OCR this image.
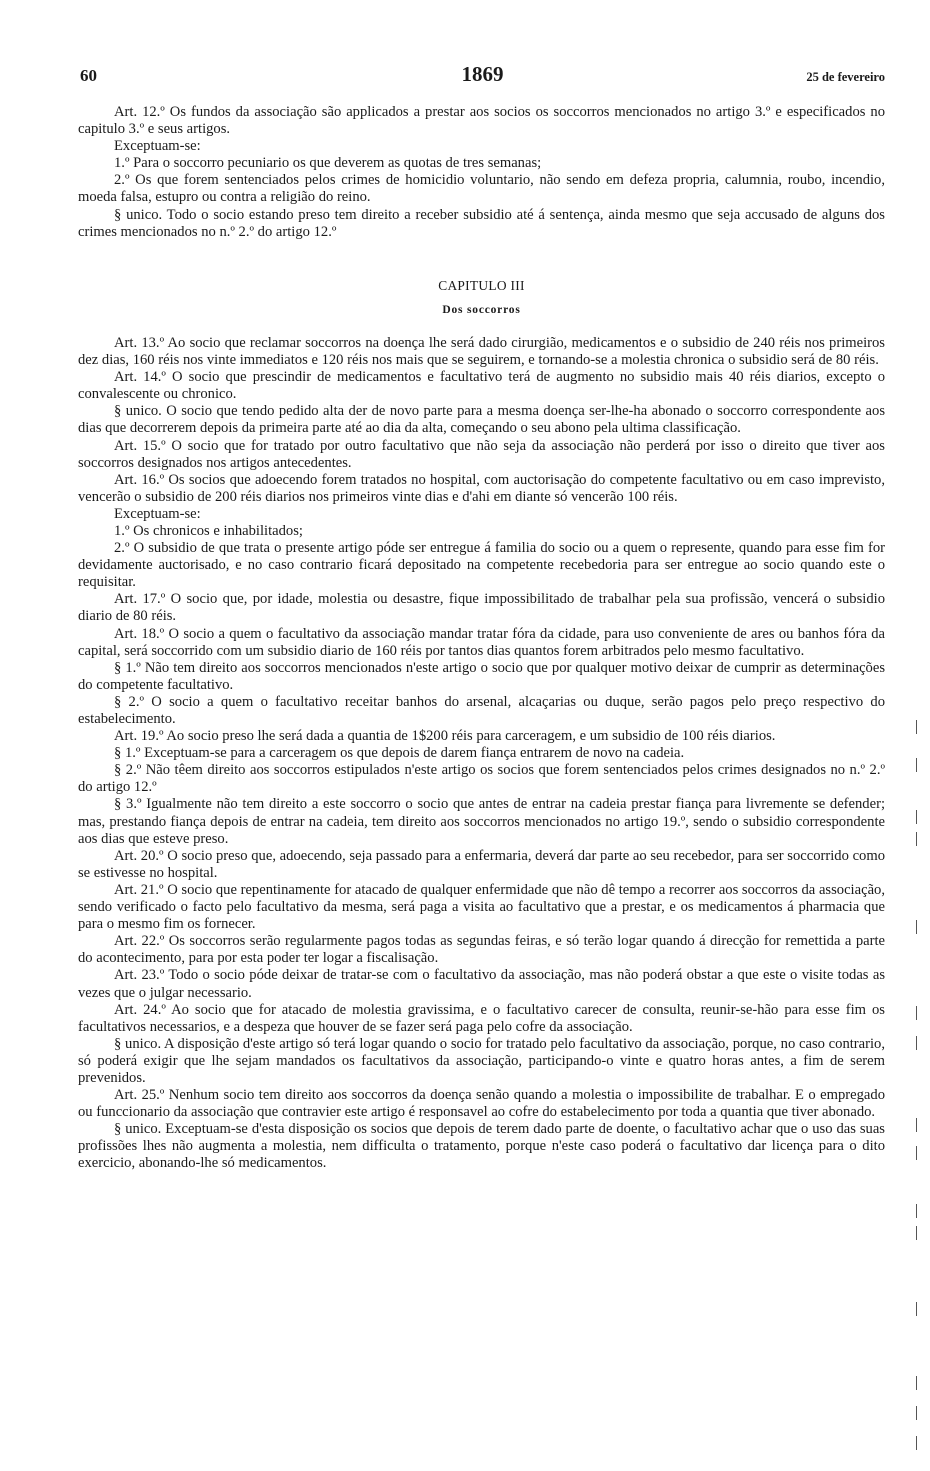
60	1869	25 de fevereiro

Art. 12.º Os fundos da associação são applicados a prestar aos socios os soccorros mencionados no artigo 3.º e especificados no capitulo 3.º e seus artigos.

Exceptuam-se:

1.º Para o soccorro pecuniario os que deverem as quotas de tres semanas;

2.º Os que forem sentenciados pelos crimes de homicidio voluntario, não sendo em defeza propria, calumnia, roubo, incendio, moeda falsa, estupro ou contra a religião do reino.

§ unico. Todo o socio estando preso tem direito a receber subsidio até á sentença, ainda mesmo que seja accusado de alguns dos crimes mencionados no n.º 2.º do artigo 12.º

CAPITULO III
Dos soccorros

Art. 13.º Ao socio que reclamar soccorros na doença lhe será dado cirurgião, medicamentos e o subsidio de 240 réis nos primeiros dez dias, 160 réis nos vinte immediatos e 120 réis nos mais que se seguirem, e tornando-se a molestia chronica o subsidio será de 80 réis.

Art. 14.º O socio que prescindir de medicamentos e facultativo terá de augmento no subsidio mais 40 réis diarios, excepto o convalescente ou chronico.

§ unico. O socio que tendo pedido alta der de novo parte para a mesma doença ser-lhe-ha abonado o soccorro correspondente aos dias que decorrerem depois da primeira parte até ao dia da alta, começando o seu abono pela ultima classificação.

Art. 15.º O socio que for tratado por outro facultativo que não seja da associação não perderá por isso o direito que tiver aos soccorros designados nos artigos antecedentes.

Art. 16.º Os socios que adoecendo forem tratados no hospital, com auctorisação do competente facultativo ou em caso imprevisto, vencerão o subsidio de 200 réis diarios nos primeiros vinte dias e d'ahi em diante só vencerão 100 réis.

Exceptuam-se:

1.º Os chronicos e inhabilitados;

2.º O subsidio de que trata o presente artigo póde ser entregue á familia do socio ou a quem o represente, quando para esse fim for devidamente auctorisado, e no caso contrario ficará depositado na competente recebedoria para ser entregue ao socio quando este o requisitar.

Art. 17.º O socio que, por idade, molestia ou desastre, fique impossibilitado de trabalhar pela sua profissão, vencerá o subsidio diario de 80 réis.

Art. 18.º O socio a quem o facultativo da associação mandar tratar fóra da cidade, para uso conveniente de ares ou banhos fóra da capital, será soccorrido com um subsidio diario de 160 réis por tantos dias quantos forem arbitrados pelo mesmo facultativo.

§ 1.º Não tem direito aos soccorros mencionados n'este artigo o socio que por qualquer motivo deixar de cumprir as determinações do competente facultativo.

§ 2.º O socio a quem o facultativo receitar banhos do arsenal, alcaçarias ou duque, serão pagos pelo preço respectivo do estabelecimento.

Art. 19.º Ao socio preso lhe será dada a quantia de 1$200 réis para carceragem, e um subsidio de 100 réis diarios.

§ 1.º Exceptuam-se para a carceragem os que depois de darem fiança entrarem de novo na cadeia.

§ 2.º Não têem direito aos soccorros estipulados n'este artigo os socios que forem sentenciados pelos crimes designados no n.º 2.º do artigo 12.º

§ 3.º Igualmente não tem direito a este soccorro o socio que antes de entrar na cadeia prestar fiança para livremente se defender; mas, prestando fiança depois de entrar na cadeia, tem direito aos soccorros mencionados no artigo 19.º, sendo o subsidio correspondente aos dias que esteve preso.

Art. 20.º O socio preso que, adoecendo, seja passado para a enfermaria, deverá dar parte ao seu recebedor, para ser soccorrido como se estivesse no hospital.

Art. 21.º O socio que repentinamente for atacado de qualquer enfermidade que não dê tempo a recorrer aos soccorros da associação, sendo verificado o facto pelo facultativo da mesma, será paga a visita ao facultativo que a prestar, e os medicamentos á pharmacia que para o mesmo fim os fornecer.

Art. 22.º Os soccorros serão regularmente pagos todas as segundas feiras, e só terão logar quando á direcção for remettida a parte do acontecimento, para por esta poder ter logar a fiscalisação.

Art. 23.º Todo o socio póde deixar de tratar-se com o facultativo da associação, mas não poderá obstar a que este o visite todas as vezes que o julgar necessario.

Art. 24.º Ao socio que for atacado de molestia gravissima, e o facultativo carecer de consulta, reunir-se-hão para esse fim os facultativos necessarios, e a despeza que houver de se fazer será paga pelo cofre da associação.

§ unico. A disposição d'este artigo só terá logar quando o socio for tratado pelo facultativo da associação, porque, no caso contrario, só poderá exigir que lhe sejam mandados os facultativos da associação, participando-o vinte e quatro horas antes, a fim de serem prevenidos.

Art. 25.º Nenhum socio tem direito aos soccorros da doença senão quando a molestia o impossibilite de trabalhar. E o empregado ou funccionario da associação que contravier este artigo é responsavel ao cofre do estabelecimento por toda a quantia que tiver abonado.

§ unico. Exceptuam-se d'esta disposição os socios que depois de terem dado parte de doente, o facultativo achar que o uso das suas profissões lhes não augmenta a molestia, nem difficulta o tratamento, porque n'este caso poderá o facultativo dar licença para o dito exercicio, abonando-lhe só medicamentos.
